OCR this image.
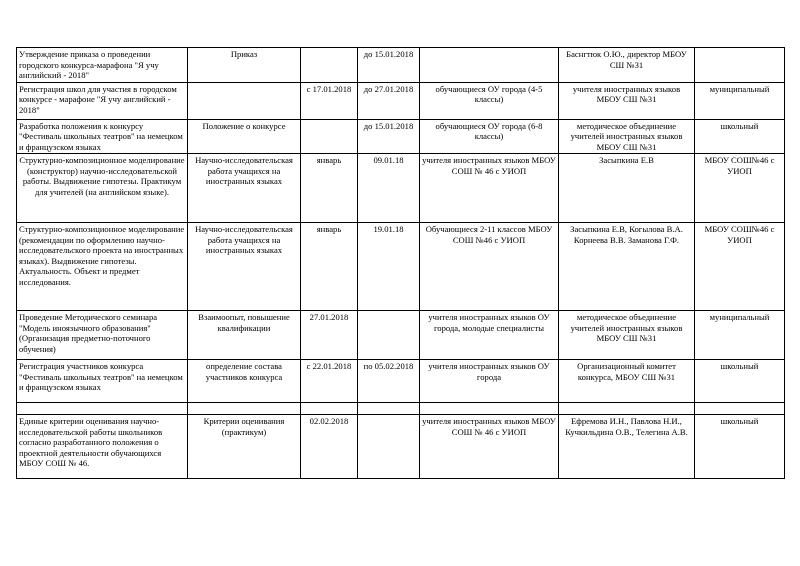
Утверждение приказа о проведении городского конкурса-марафона "Я учу английский - 2018"	Приказ		до 15.01.2018		Баснгтюк О.Ю., директор МБОУ СШ №31	
Регистрация школ для участия в городском конкурсе - марафоне "Я учу английский - 2018"		с 17.01.2018	до 27.01.2018	обучающиеся ОУ города (4-5 классы)	учителя иностранных языков МБОУ СШ №31	муниципальный
Разработка положения к конкурсу "Фестиваль школьных театров" на немецком и французском языках	Положение о конкурсе		до 15.01.2018	обучающиеся ОУ города (6-8 классы)	методическое объединение учителей иностранных языков МБОУ СШ №31	школьный
Структурно-композиционное моделирование (конструктор) научно-исследовательской работы. Выдвижение гипотезы. Практикум для учителей (на английском языке).	Научно-исследовательская работа учащихся на иностранных языках	январь	09.01.18	учителя иностранных языков МБОУ СОШ № 46 с УИОП	Засыпкина Е.В	МБОУ СОШ№46 с УИОП
Структурно-композиционное моделирование (рекомендации по оформлению научно-исследовательского проекта на иностранных языках). Выдвижение гипотезы. Актуальность. Объект и предмет исследования.	Научно-исследовательская работа учащихся на иностранных языках	январь	19.01.18	Обучающиеся 2-11 классов МБОУ СОШ №46 с УИОП	Засыпкина Е.В, Когылова В.А. Корнеева В.В. Заманова Г.Ф.	МБОУ СОШ№46 с УИОП
Проведение Методического семинара "Модель иноязычного образования" (Организация предметно-поточного обучения)	Взаимоопыт, повышение квалификации	27.01.2018		учителя иностранных языков ОУ города, молодые специалисты	методическое объединение учителей иностранных языков МБОУ СШ №31	муниципальный
Регистрация участников конкурса "Фестиваль школьных театров" на немецком и французском языках	определение состава участников конкурса	с 22.01.2018	по 05.02.2018	учителя иностранных языков ОУ города	Организационный комитет конкурса, МБОУ СШ №31	школьный

Единые критерии оценивания научно-исследовательской работы школьников согласно разработанного положения о проектной деятельности обучающихся МБОУ СОШ № 46.	Критерии оценивания (практикум)	02.02.2018		учителя иностранных языков МБОУ СОШ № 46 с УИОП	Ефремова И.Н., Павлова Н.И., Кучкильдина О.В., Телегина А.В.	школьный
